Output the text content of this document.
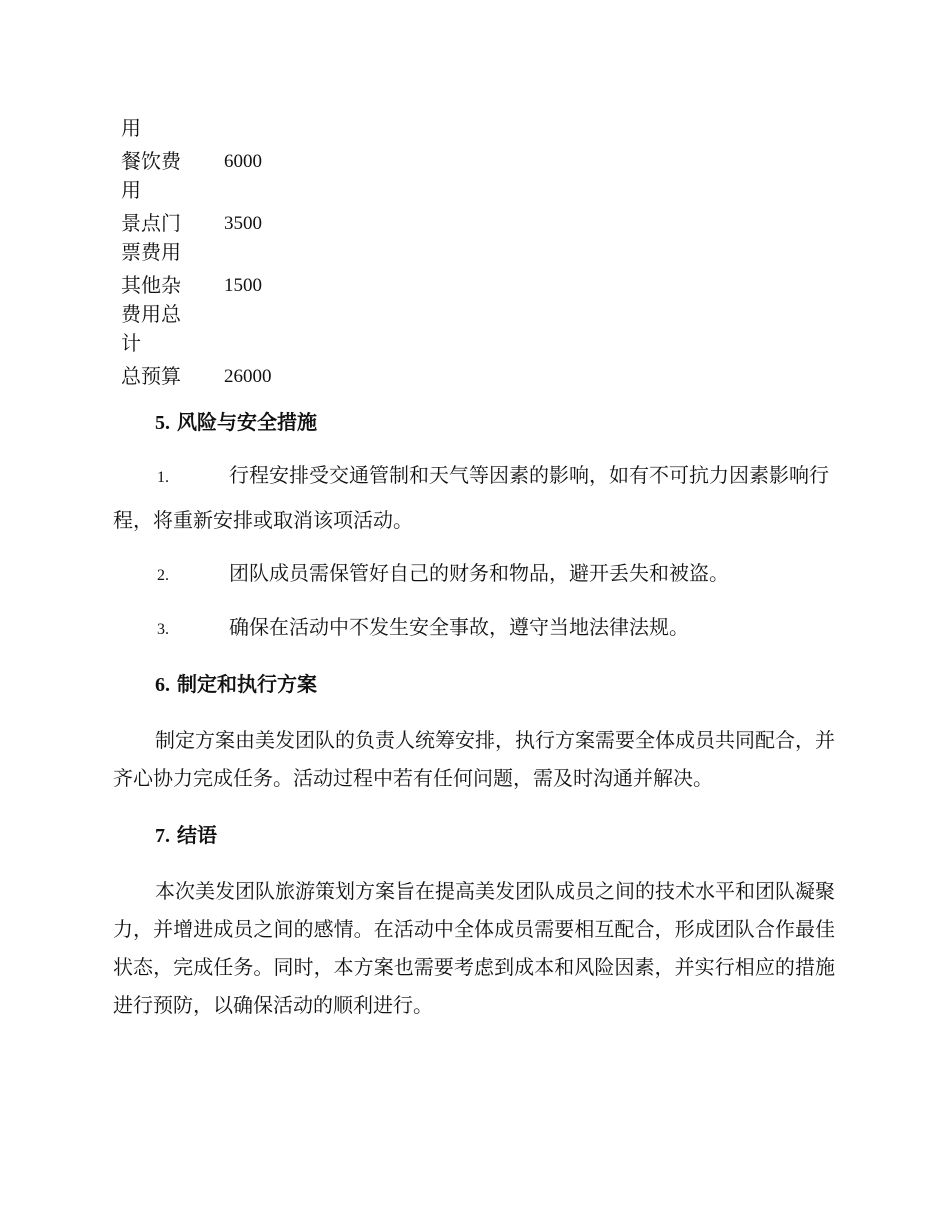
用	
餐饮费用	6000
景点门票费用	3500
其他杂费用总计	1500
总预算	26000
5. 风险与安全措施

1.	行程安排受交通管制和天气等因素的影响，如有不可抗力因素影响行程，将重新安排或取消该项活动。

2.	团队成员需保管好自己的财务和物品，避开丢失和被盗。

3.	确保在活动中不发生安全事故，遵守当地法律法规。

6. 制定和执行方案

制定方案由美发团队的负责人统筹安排，执行方案需要全体成员共同配合，并齐心协力完成任务。活动过程中若有任何问题，需及时沟通并解决。

7. 结语

本次美发团队旅游策划方案旨在提高美发团队成员之间的技术水平和团队凝聚力，并增进成员之间的感情。在活动中全体成员需要相互配合，形成团队合作最佳状态，完成任务。同时，本方案也需要考虑到成本和风险因素，并实行相应的措施进行预防，以确保活动的顺利进行。
